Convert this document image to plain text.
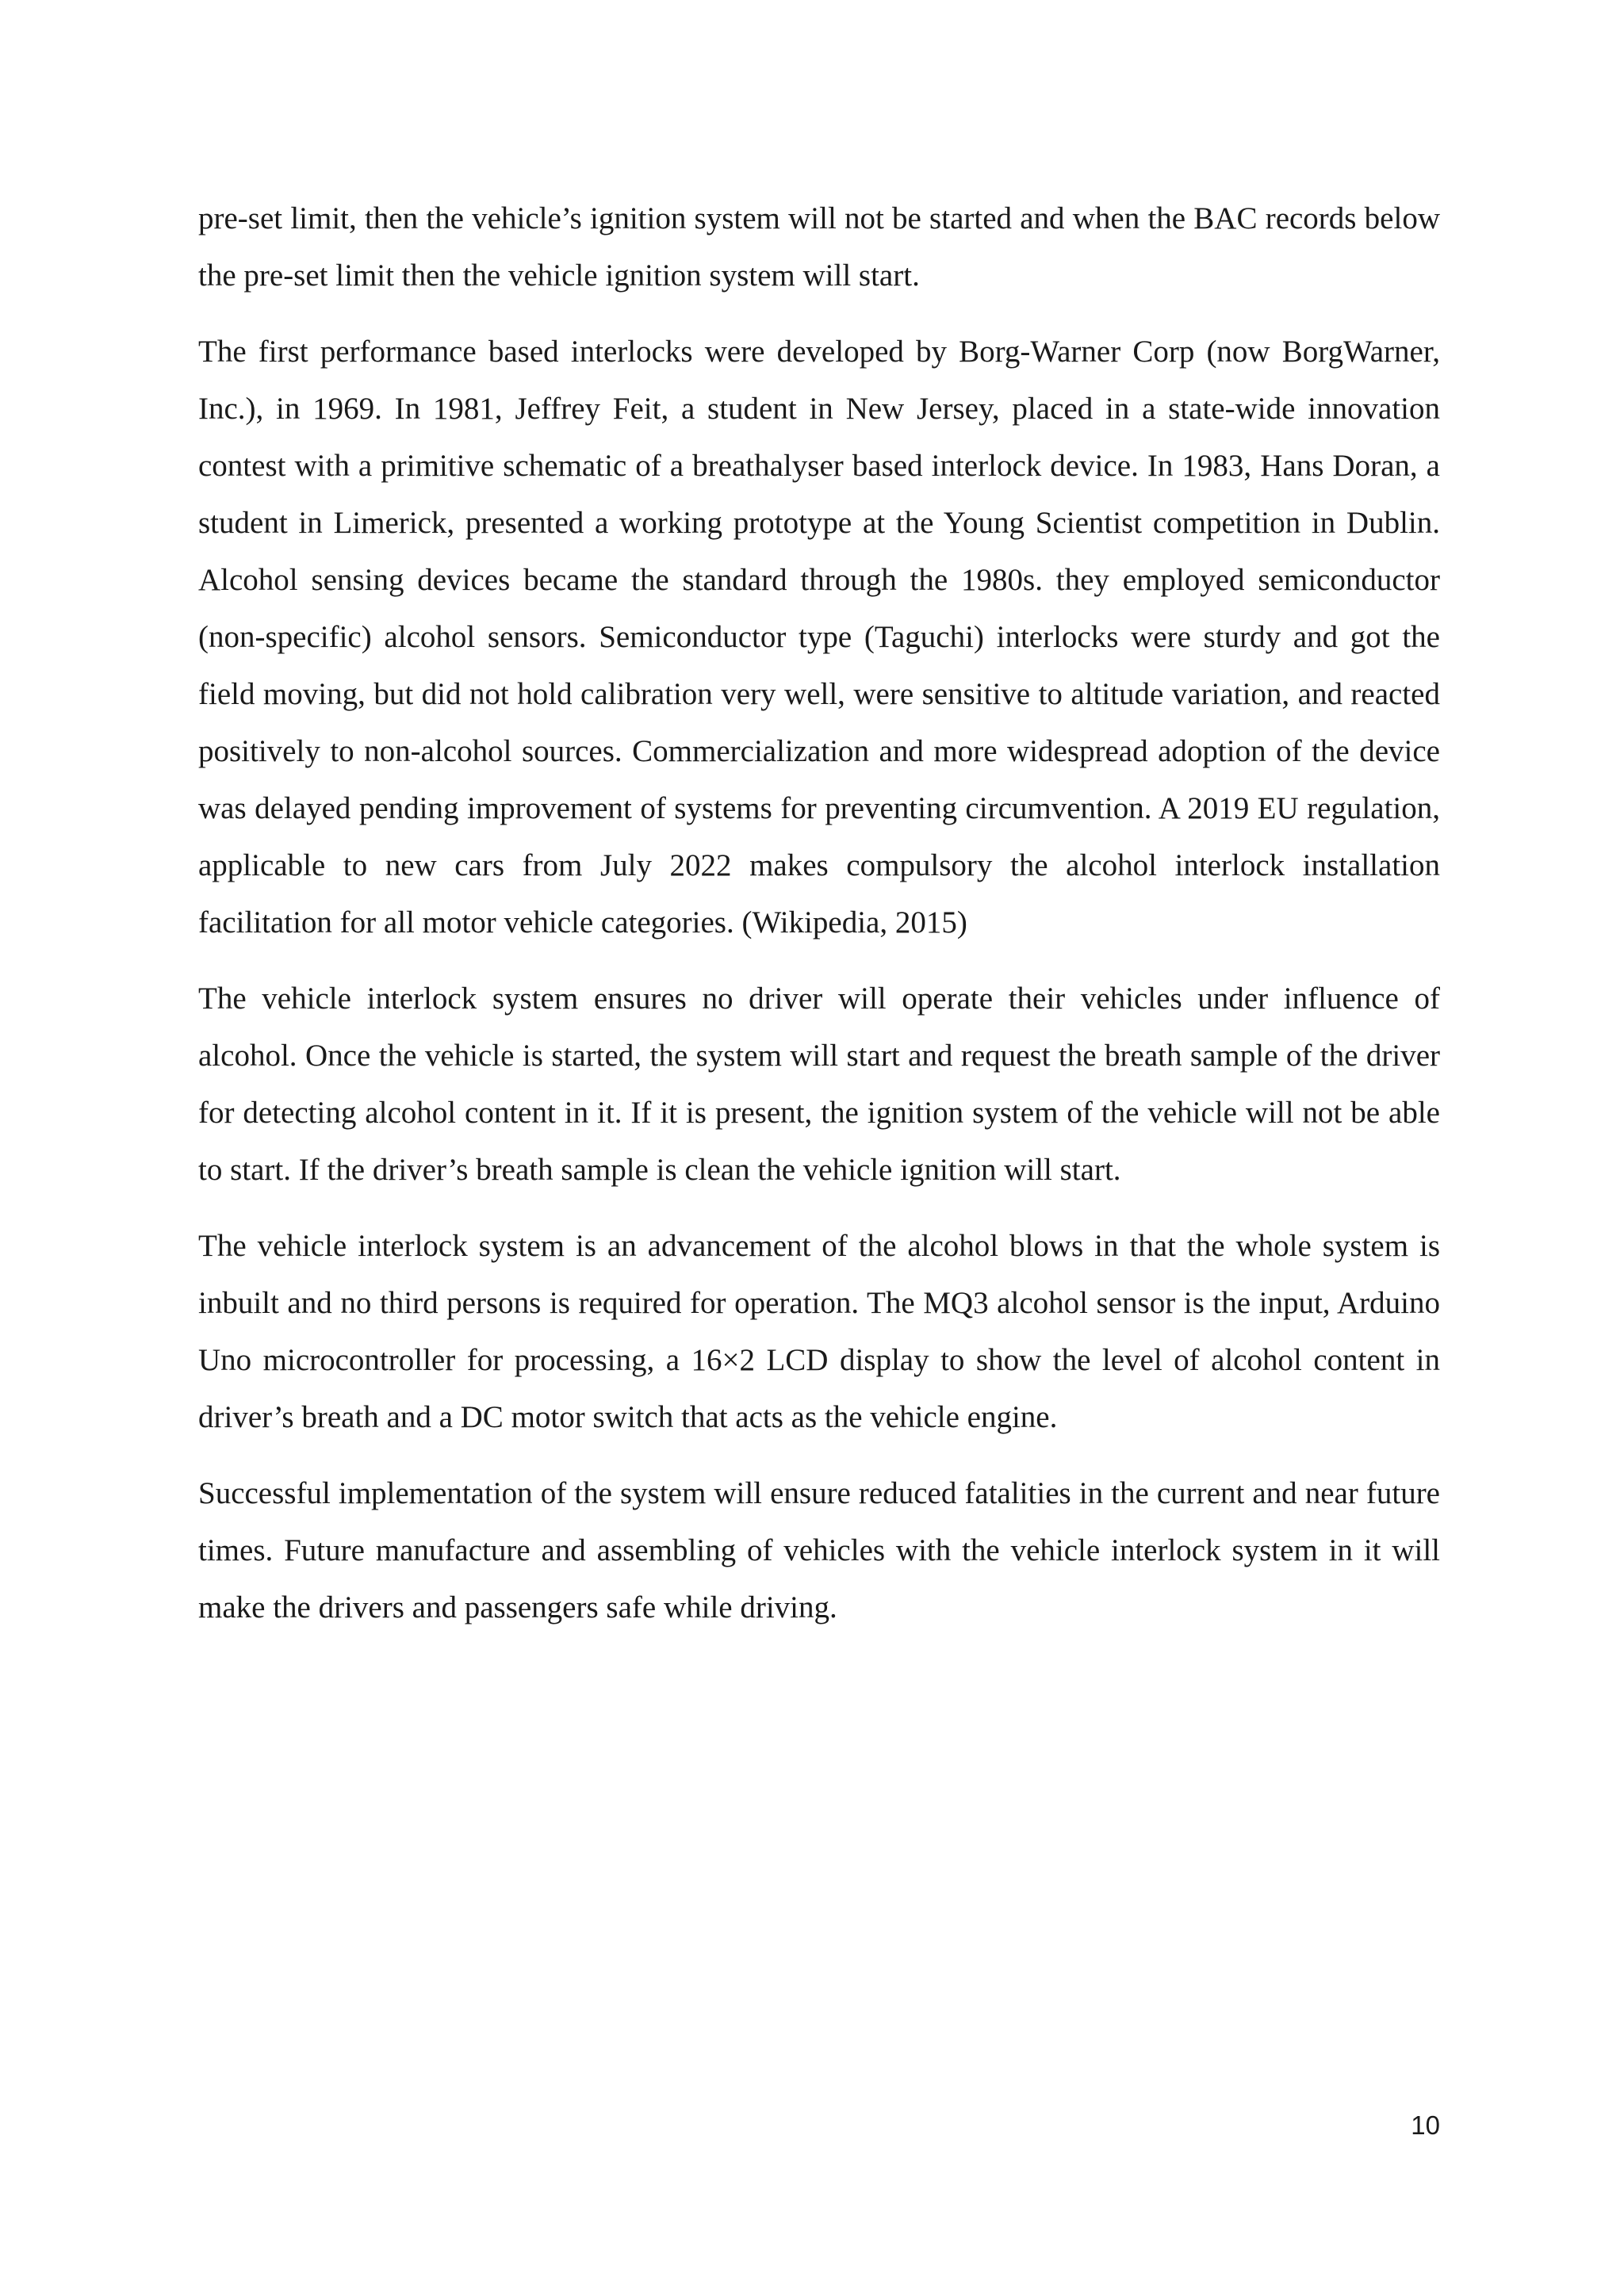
pre-set limit, then the vehicle’s ignition system will not be started and when the BAC records below the pre-set limit then the vehicle ignition system will start.

The first performance based interlocks were developed by Borg-Warner Corp (now BorgWarner, Inc.), in 1969. In 1981, Jeffrey Feit, a student in New Jersey, placed in a state-wide innovation contest with a primitive schematic of a breathalyser based interlock device. In 1983, Hans Doran, a student in Limerick, presented a working prototype at the Young Scientist competition in Dublin. Alcohol sensing devices became the standard through the 1980s. they employed semiconductor (non-specific) alcohol sensors. Semiconductor type (Taguchi) interlocks were sturdy and got the field moving, but did not hold calibration very well, were sensitive to altitude variation, and reacted positively to non-alcohol sources. Commercialization and more widespread adoption of the device was delayed pending improvement of systems for preventing circumvention. A 2019 EU regulation, applicable to new cars from July 2022 makes compulsory the alcohol interlock installation facilitation for all motor vehicle categories. (Wikipedia, 2015)

The vehicle interlock system ensures no driver will operate their vehicles under influence of alcohol. Once the vehicle is started, the system will start and request the breath sample of the driver for detecting alcohol content in it. If it is present, the ignition system of the vehicle will not be able to start. If the driver’s breath sample is clean the vehicle ignition will start.

The vehicle interlock system is an advancement of the alcohol blows in that the whole system is inbuilt and no third persons is required for operation. The MQ3 alcohol sensor is the input, Arduino Uno microcontroller for processing, a 16×2 LCD display to show the level of alcohol content in driver’s breath and a DC motor switch that acts as the vehicle engine.

Successful implementation of the system will ensure reduced fatalities in the current and near future times. Future manufacture and assembling of vehicles with the vehicle interlock system in it will make the drivers and passengers safe while driving.

10
